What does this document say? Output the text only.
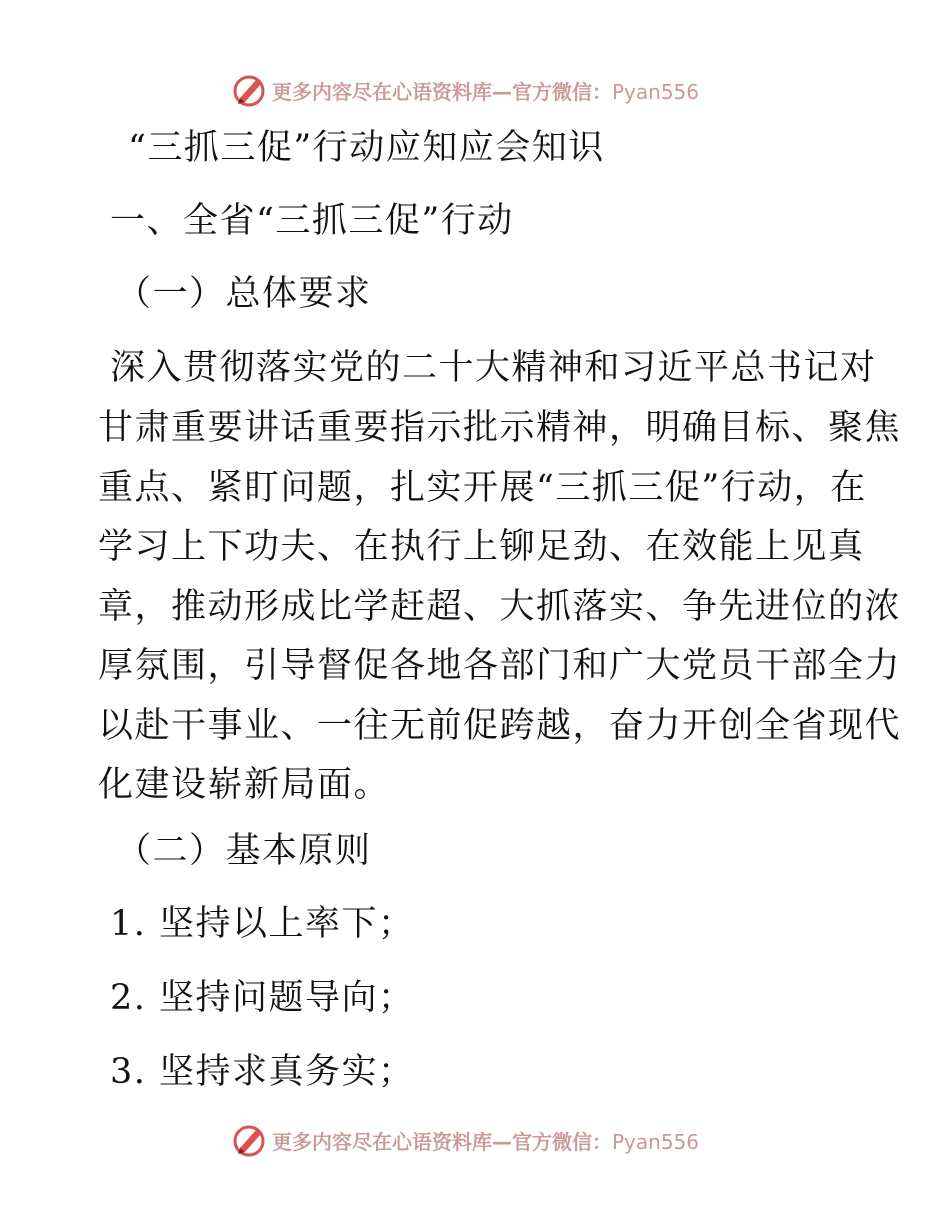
更多内容尽在心语资料库—官方微信：Pyan556
“三抓三促”行动应知应会知识
一、全省“三抓三促”行动
（一）总体要求
深入贯彻落实党的二十大精神和习近平总书记对
甘肃重要讲话重要指示批示精神，明确目标、聚焦
重点、紧盯问题，扎实开展“三抓三促”行动，在
学习上下功夫、在执行上铆足劲、在效能上见真
章，推动形成比学赶超、大抓落实、争先进位的浓
厚氛围，引导督促各地各部门和广大党员干部全力
以赴干事业、一往无前促跨越，奋力开创全省现代
化建设崭新局面。
（二）基本原则
1. 坚持以上率下；
2. 坚持问题导向；
3. 坚持求真务实；
更多内容尽在心语资料库—官方微信：Pyan556
